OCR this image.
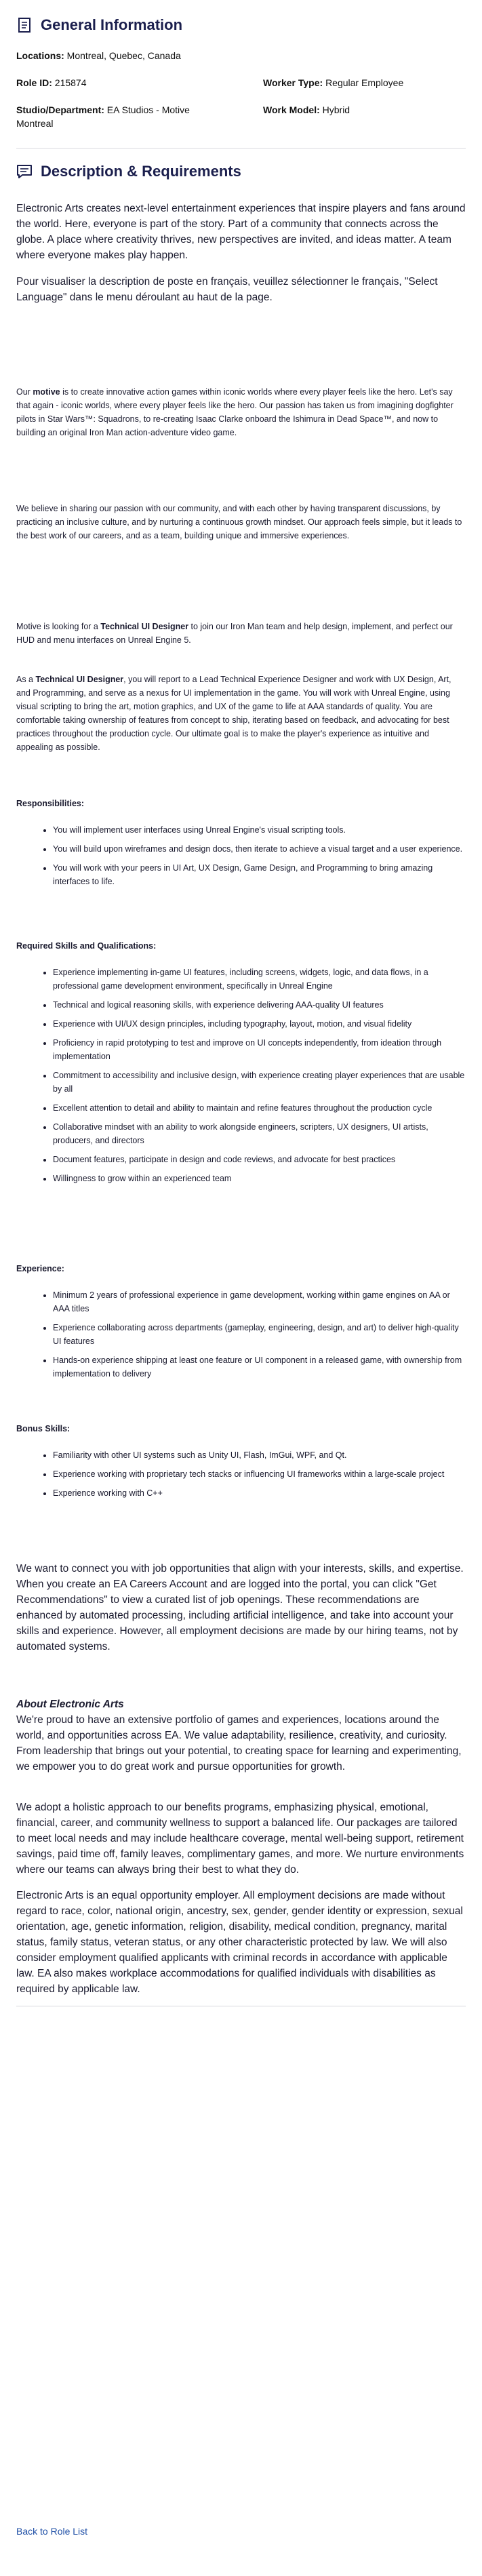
General Information
Locations: Montreal, Quebec, Canada
Role ID: 215874	Worker Type: Regular Employee
Studio/Department: EA Studios - Motive
Montreal
Work Model: Hybrid
Description & Requirements

Electronic Arts creates next-level entertainment experiences that inspire players and fans around the world. Here, everyone is part of the story. Part of a community that connects across the globe. A place where creativity thrives, new perspectives are invited, and ideas matter. A team where everyone makes play happen.

Pour visualiser la description de poste en français, veuillez sélectionner le français, "Select Language" dans le menu déroulant au haut de la page.

Our motive is to create innovative action games within iconic worlds where every player feels like the hero. Let's say that again - iconic worlds, where every player feels like the hero. Our passion has taken us from imagining dogfighter pilots in Star Wars™: Squadrons, to re-creating Isaac Clarke onboard the Ishimura in Dead Space™, and now to building an original Iron Man action-adventure video game.

We believe in sharing our passion with our community, and with each other by having transparent discussions, by practicing an inclusive culture, and by nurturing a continuous growth mindset. Our approach feels simple, but it leads to the best work of our careers, and as a team, building unique and immersive experiences.

Motive is looking for a Technical UI Designer to join our Iron Man team and help design, implement, and perfect our HUD and menu interfaces on Unreal Engine 5.

As a Technical UI Designer, you will report to a Lead Technical Experience Designer and work with UX Design, Art, and Programming, and serve as a nexus for UI implementation in the game. You will work with Unreal Engine, using visual scripting to bring the art, motion graphics, and UX of the game to life at AAA standards of quality. You are comfortable taking ownership of features from concept to ship, iterating based on feedback, and advocating for best practices throughout the production cycle. Our ultimate goal is to make the player's experience as intuitive and appealing as possible.

Responsibilities:

• You will implement user interfaces using Unreal Engine's visual scripting tools.
• You will build upon wireframes and design docs, then iterate to achieve a visual target and a user experience.
• You will work with your peers in UI Art, UX Design, Game Design, and Programming to bring amazing interfaces to life.

Required Skills and Qualifications:

• Experience implementing in-game UI features, including screens, widgets, logic, and data flows, in a professional game development environment, specifically in Unreal Engine
• Technical and logical reasoning skills, with experience delivering AAA-quality UI features
• Experience with UI/UX design principles, including typography, layout, motion, and visual fidelity
• Proficiency in rapid prototyping to test and improve on UI concepts independently, from ideation through implementation
• Commitment to accessibility and inclusive design, with experience creating player experiences that are usable by all
• Excellent attention to detail and ability to maintain and refine features throughout the production cycle
• Collaborative mindset with an ability to work alongside engineers, scripters, UX designers, UI artists, producers, and directors
• Document features, participate in design and code reviews, and advocate for best practices
• Willingness to grow within an experienced team

Experience:

• Minimum 2 years of professional experience in game development, working within game engines on AA or AAA titles
• Experience collaborating across departments (gameplay, engineering, design, and art) to deliver high-quality UI features
• Hands-on experience shipping at least one feature or UI component in a released game, with ownership from implementation to delivery

Bonus Skills:

• Familiarity with other UI systems such as Unity UI, Flash, ImGui, WPF, and Qt.
• Experience working with proprietary tech stacks or influencing UI frameworks within a large-scale project
• Experience working with C++

We want to connect you with job opportunities that align with your interests, skills, and expertise. When you create an EA Careers Account and are logged into the portal, you can click "Get Recommendations" to view a curated list of job openings. These recommendations are enhanced by automated processing, including artificial intelligence, and take into account your skills and experience. However, all employment decisions are made by our hiring teams, not by automated systems.

About Electronic Arts
We're proud to have an extensive portfolio of games and experiences, locations around the world, and opportunities across EA. We value adaptability, resilience, creativity, and curiosity. From leadership that brings out your potential, to creating space for learning and experimenting, we empower you to do great work and pursue opportunities for growth.

We adopt a holistic approach to our benefits programs, emphasizing physical, emotional, financial, career, and community wellness to support a balanced life. Our packages are tailored to meet local needs and may include healthcare coverage, mental well-being support, retirement savings, paid time off, family leaves, complimentary games, and more. We nurture environments where our teams can always bring their best to what they do.

Electronic Arts is an equal opportunity employer. All employment decisions are made without regard to race, color, national origin, ancestry, sex, gender, gender identity or expression, sexual orientation, age, genetic information, religion, disability, medical condition, pregnancy, marital status, family status, veteran status, or any other characteristic protected by law. We will also consider employment qualified applicants with criminal records in accordance with applicable law. EA also makes workplace accommodations for qualified individuals with disabilities as required by applicable law.

Back to Role List
